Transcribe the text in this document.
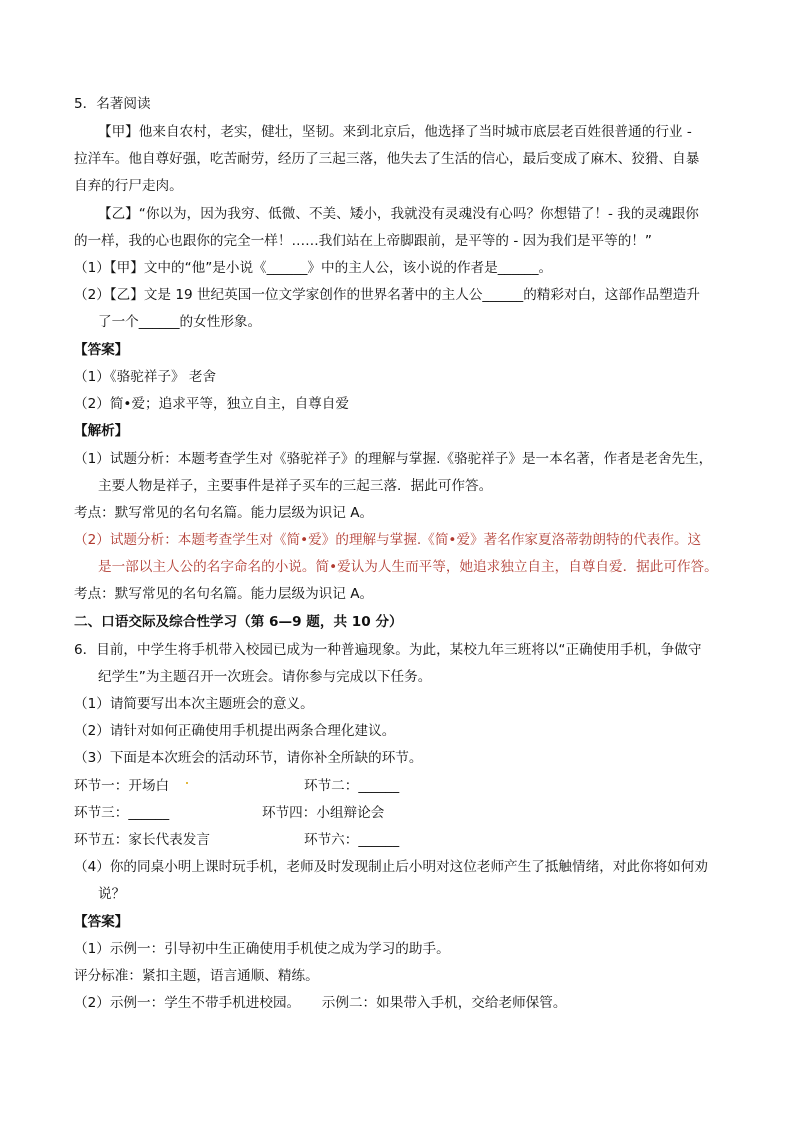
5．名著阅读
【甲】他来自农村，老实，健壮，坚韧。来到北京后，他选择了当时城市底层老百姓很普通的行业 -
拉洋车。他自尊好强，吃苦耐劳，经历了三起三落，他失去了生活的信心，最后变成了麻木、狡猾、自暴
自弃的行尸走肉。
【乙】“你以为，因为我穷、低微、不美、矮小，我就没有灵魂没有心吗？你想错了！- 我的灵魂跟你
的一样，我的心也跟你的完全一样！……我们站在上帝脚跟前，是平等的 - 因为我们是平等的！”
（1）【甲】文中的“他”是小说《______》中的主人公，该小说的作者是______。
（2）【乙】文是 19 世纪英国一位文学家创作的世界名著中的主人公______的精彩对白，这部作品塑造升
了一个______的女性形象。
【答案】
（1）《骆驼祥子》 老舍
（2）简•爱；追求平等，独立自主，自尊自爱
【解析】
（1）试题分析：本题考查学生对《骆驼祥子》的理解与掌握.《骆驼祥子》是一本名著，作者是老舍先生，
主要人物是祥子，主要事件是祥子买车的三起三落．据此可作答。
考点：默写常见的名句名篇。能力层级为识记 A。
（2）试题分析：本题考查学生对《简•爱》的理解与掌握.《简•爱》著名作家夏洛蒂勃朗特的代表作。这
是一部以主人公的名字命名的小说。简•爱认为人生而平等，她追求独立自主，自尊自爱．据此可作答。
考点：默写常见的名句名篇。能力层级为识记 A。
二、口语交际及综合性学习（第 6—9 题，共 10 分）
6．目前，中学生将手机带入校园已成为一种普遍现象。为此，某校九年三班将以“正确使用手机，争做守
纪学生”为主题召开一次班会。请你参与完成以下任务。
（1）请简要写出本次主题班会的意义。
（2）请针对如何正确使用手机提出两条合理化建议。
（3）下面是本次班会的活动环节，请你补全所缺的环节。
环节一：开场白	环节二：______
环节三：______	环节四：小组辩论会
环节五：家长代表发言	环节六：______
（4）你的同桌小明上课时玩手机，老师及时发现制止后小明对这位老师产生了抵触情绪，对此你将如何劝
说？
【答案】
（1）示例一：引导初中生正确使用手机使之成为学习的助手。
评分标准：紧扣主题，语言通顺、精练。
（2）示例一：学生不带手机进校园。     示例二：如果带入手机，交给老师保管。
